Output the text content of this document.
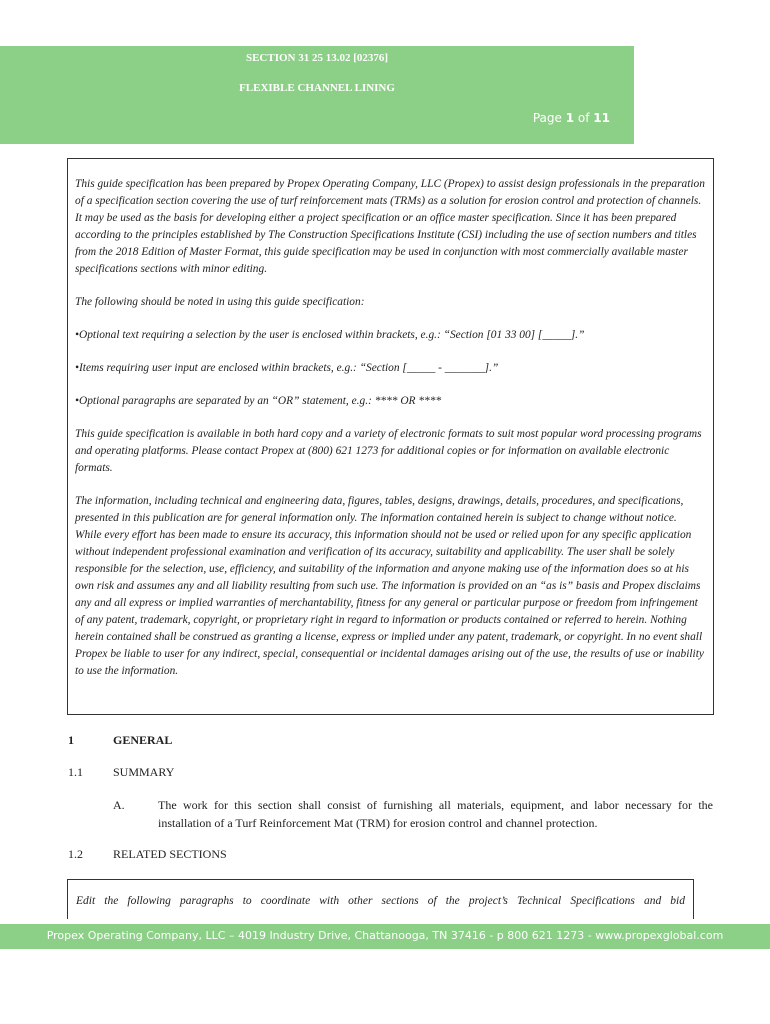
SECTION 31 25 13.02 [02376]
FLEXIBLE CHANNEL LINING
Page 1 of 11

This guide specification has been prepared by Propex Operating Company, LLC (Propex) to assist design professionals in the preparation of a specification section covering the use of turf reinforcement mats (TRMs) as a solution for erosion control and protection of channels. It may be used as the basis for developing either a project specification or an office master specification. Since it has been prepared according to the principles established by The Construction Specifications Institute (CSI) including the use of section numbers and titles from the 2018 Edition of Master Format, this guide specification may be used in conjunction with most commercially available master specifications sections with minor editing.

The following should be noted in using this guide specification:

•Optional text requiring a selection by the user is enclosed within brackets, e.g.: “Section [01 33 00] [_____].”

•Items requiring user input are enclosed within brackets, e.g.: “Section [_____ - _______].”

•Optional paragraphs are separated by an “OR” statement, e.g.: **** OR ****

This guide specification is available in both hard copy and a variety of electronic formats to suit most popular word processing programs and operating platforms. Please contact Propex at (800) 621 1273 for additional copies or for information on available electronic formats.

The information, including technical and engineering data, figures, tables, designs, drawings, details, procedures, and specifications, presented in this publication are for general information only. The information contained herein is subject to change without notice. While every effort has been made to ensure its accuracy, this information should not be used or relied upon for any specific application without independent professional examination and verification of its accuracy, suitability and applicability. The user shall be solely responsible for the selection, use, efficiency, and suitability of the information and anyone making use of the information does so at his own risk and assumes any and all liability resulting from such use. The information is provided on an “as is” basis and Propex disclaims any and all express or implied warranties of merchantability, fitness for any general or particular purpose or freedom from infringement of any patent, trademark, copyright, or proprietary right in regard to information or products contained or referred to herein. Nothing herein contained shall be construed as granting a license, express or implied under any patent, trademark, or copyright. In no event shall Propex be liable to user for any indirect, special, consequential or incidental damages arising out of the use, the results of use or inability to use the information.

1	GENERAL
1.1	SUMMARY
A.	The work for this section shall consist of furnishing all materials, equipment, and labor necessary for the installation of a Turf Reinforcement Mat (TRM) for erosion control and channel protection.
1.2	RELATED SECTIONS

Edit the following paragraphs to coordinate with other sections of the project’s Technical Specifications and bid

Propex Operating Company, LLC – 4019 Industry Drive, Chattanooga, TN 37416 - p 800 621 1273 - www.propexglobal.com
